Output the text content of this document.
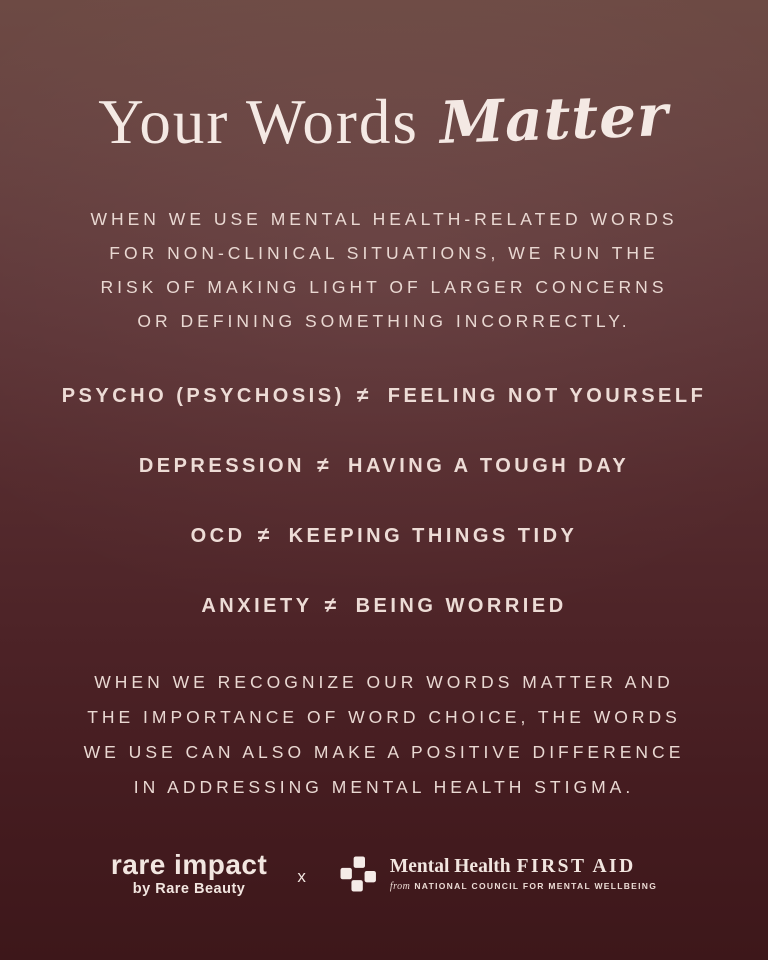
Your Words Matter
WHEN WE USE MENTAL HEALTH-RELATED WORDS
FOR NON-CLINICAL SITUATIONS, WE RUN THE
RISK OF MAKING LIGHT OF LARGER CONCERNS
OR DEFINING SOMETHING INCORRECTLY.
PSYCHO (PSYCHOSIS) ≠ FEELING NOT YOURSELF
DEPRESSION ≠ HAVING A TOUGH DAY
OCD ≠ KEEPING THINGS TIDY
ANXIETY ≠ BEING WORRIED
WHEN WE RECOGNIZE OUR WORDS MATTER AND
THE IMPORTANCE OF WORD CHOICE, THE WORDS
WE USE CAN ALSO MAKE A POSITIVE DIFFERENCE
IN ADDRESSING MENTAL HEALTH STIGMA.
rare impact
by Rare Beauty
x	Mental Health FIRST AID
from NATIONAL COUNCIL FOR MENTAL WELLBEING
